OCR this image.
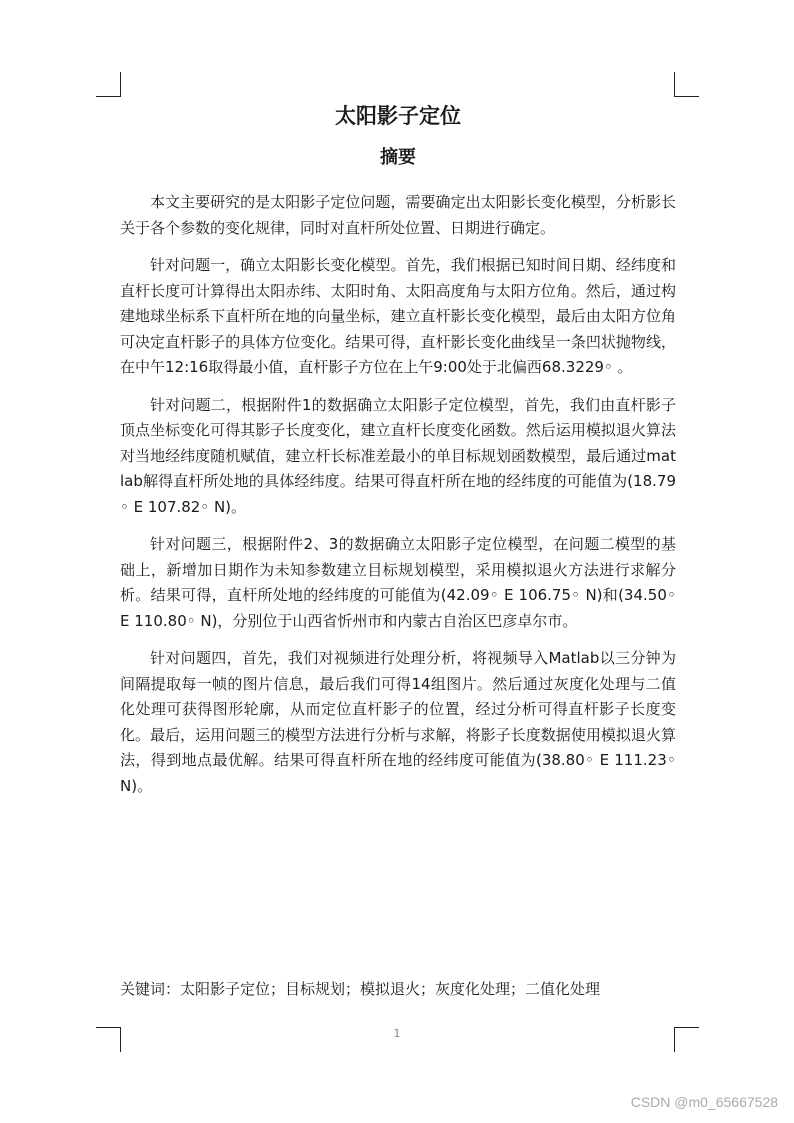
太阳影子定位
摘要

本文主要研究的是太阳影子定位问题，需要确定出太阳影长变化模型，分析影长关于各个参数的变化规律，同时对直杆所处位置、日期进行确定。

针对问题一，确立太阳影长变化模型。首先，我们根据已知时间日期、经纬度和直杆长度可计算得出太阳赤纬、太阳时角、太阳高度角与太阳方位角。然后，通过构建地球坐标系下直杆所在地的向量坐标，建立直杆影长变化模型，最后由太阳方位角可决定直杆影子的具体方位变化。结果可得，直杆影长变化曲线呈一条凹状抛物线，在中午12:16取得最小值，直杆影子方位在上午9:00处于北偏西68.3229◦ 。

针对问题二，根据附件1的数据确立太阳影子定位模型，首先，我们由直杆影子顶点坐标变化可得其影子长度变化，建立直杆长度变化函数。然后运用模拟退火算法对当地经纬度随机赋值，建立杆长标准差最小的单目标规划函数模型，最后通过matlab解得直杆所处地的具体经纬度。结果可得直杆所在地的经纬度的可能值为(18.79◦ E 107.82◦ N)。

针对问题三，根据附件2、3的数据确立太阳影子定位模型，在问题二模型的基础上，新增加日期作为未知参数建立目标规划模型，采用模拟退火方法进行求解分析。结果可得，直杆所处地的经纬度的可能值为(42.09◦ E 106.75◦ N)和(34.50◦ E 110.80◦ N)，分别位于山西省忻州市和内蒙古自治区巴彦卓尔市。

针对问题四，首先，我们对视频进行处理分析，将视频导入Matlab以三分钟为间隔提取每一帧的图片信息，最后我们可得14组图片。然后通过灰度化处理与二值化处理可获得图形轮廓，从而定位直杆影子的位置，经过分析可得直杆影子长度变化。最后，运用问题三的模型方法进行分析与求解，将影子长度数据使用模拟退火算法，得到地点最优解。结果可得直杆所在地的经纬度可能值为(38.80◦ E 111.23◦ N)。

关键词：太阳影子定位；目标规划；模拟退火；灰度化处理；二值化处理

1
CSDN @m0_65667528
